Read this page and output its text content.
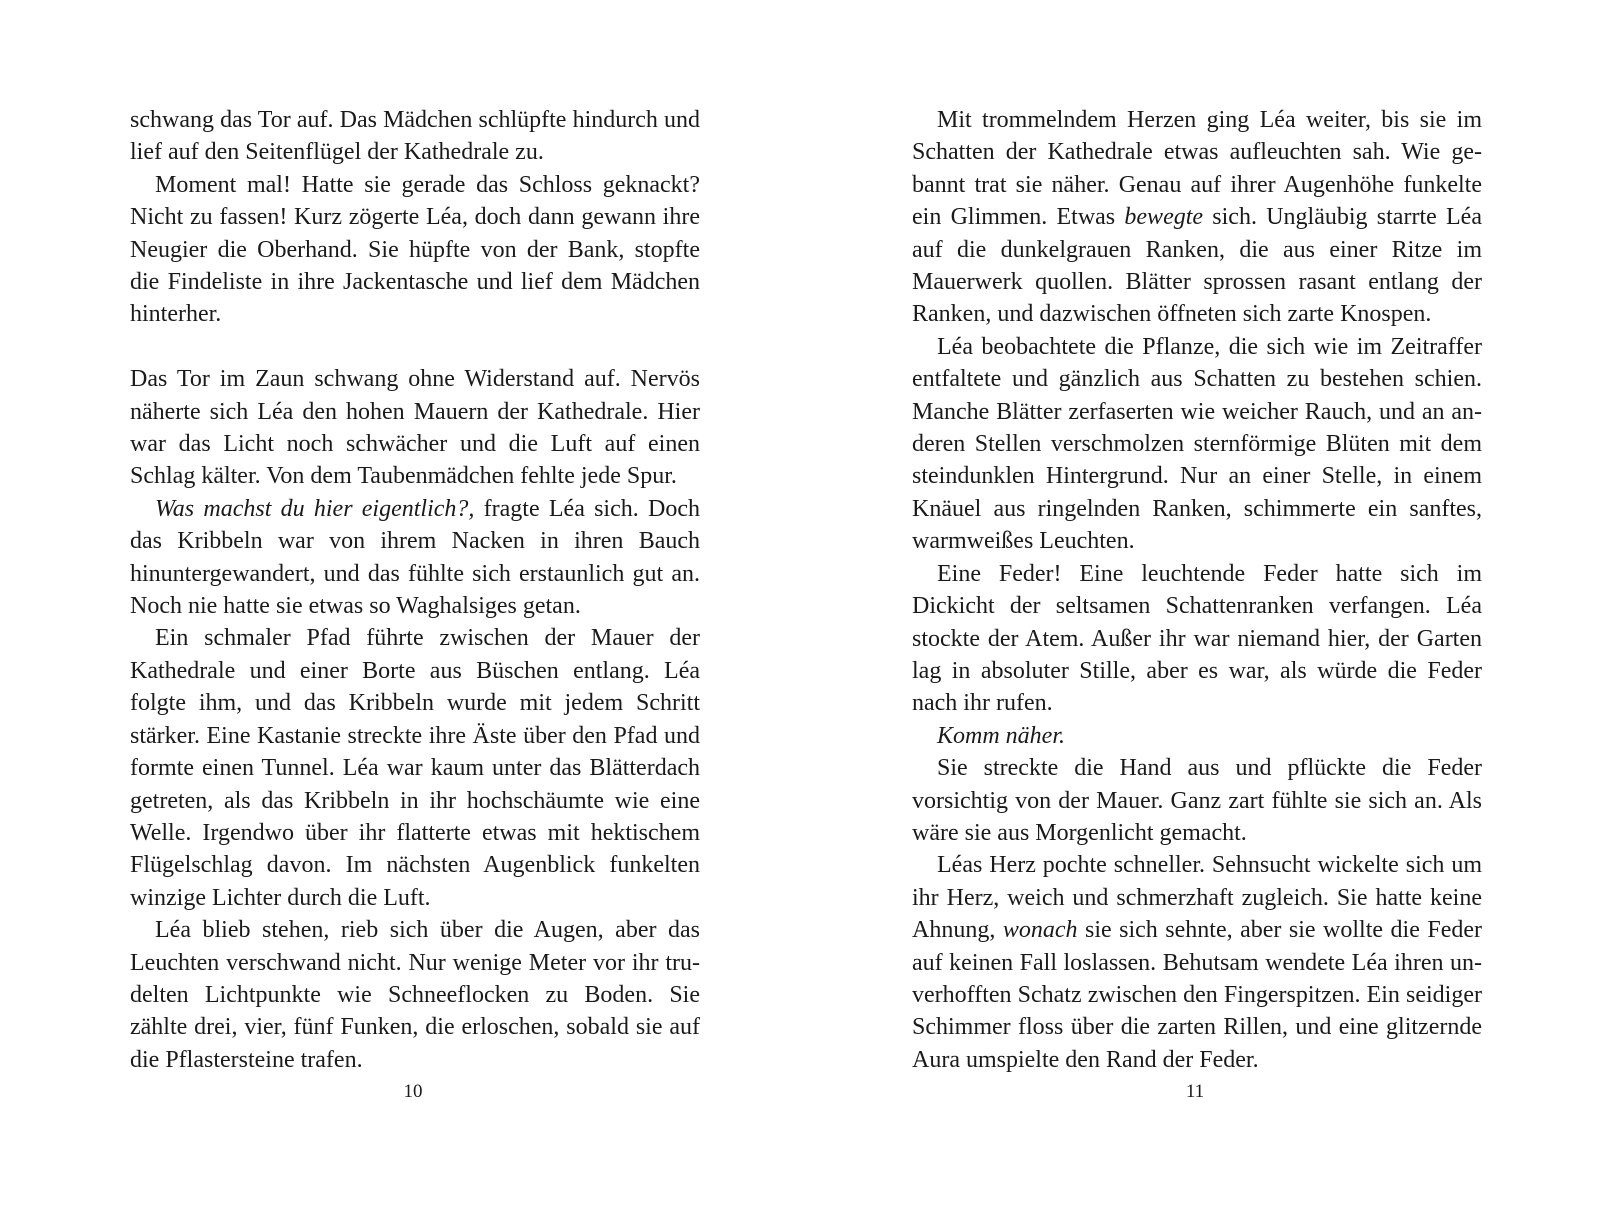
schwang das Tor auf. Das Mädchen schlüpfte hindurch und lief auf den Seitenflügel der Kathedrale zu.

Moment mal! Hatte sie gerade das Schloss geknackt? Nicht zu fassen! Kurz zögerte Léa, doch dann gewann ihre Neugier die Oberhand. Sie hüpfte von der Bank, stopfte die Findeliste in ihre Jackentasche und lief dem Mädchen hinterher.

Das Tor im Zaun schwang ohne Widerstand auf. Nervös näherte sich Léa den hohen Mauern der Kathedrale. Hier war das Licht noch schwächer und die Luft auf einen Schlag kälter. Von dem Taubenmädchen fehlte jede Spur.

Was machst du hier eigentlich?, fragte Léa sich. Doch das Kribbeln war von ihrem Nacken in ihren Bauch hinuntergewandert, und das fühlte sich erstaunlich gut an. Noch nie hatte sie etwas so Waghalsiges getan.

Ein schmaler Pfad führte zwischen der Mauer der Kathedrale und einer Borte aus Büschen entlang. Léa folgte ihm, und das Kribbeln wurde mit jedem Schritt stärker. Eine Kastanie streckte ihre Äste über den Pfad und formte einen Tunnel. Léa war kaum unter das Blätterdach getreten, als das Kribbeln in ihr hochschäumte wie eine Welle. Irgendwo über ihr flatterte etwas mit hektischem Flügelschlag davon. Im nächsten Augenblick funkelten winzige Lichter durch die Luft.

Léa blieb stehen, rieb sich über die Augen, aber das Leuchten verschwand nicht. Nur wenige Meter vor ihr trudelten Lichtpunkte wie Schneeflocken zu Boden. Sie zählte drei, vier, fünf Funken, die erloschen, sobald sie auf die Pflastersteine trafen.

10

Mit trommelndem Herzen ging Léa weiter, bis sie im Schatten der Kathedrale etwas aufleuchten sah. Wie gebannt trat sie näher. Genau auf ihrer Augenhöhe funkelte ein Glimmen. Etwas bewegte sich. Ungläubig starrte Léa auf die dunkelgrauen Ranken, die aus einer Ritze im Mauerwerk quollen. Blätter sprossen rasant entlang der Ranken, und dazwischen öffneten sich zarte Knospen.

Léa beobachtete die Pflanze, die sich wie im Zeitraffer entfaltete und gänzlich aus Schatten zu bestehen schien. Manche Blätter zerfaserten wie weicher Rauch, und an anderen Stellen verschmolzen sternförmige Blüten mit dem steindunklen Hintergrund. Nur an einer Stelle, in einem Knäuel aus ringelnden Ranken, schimmerte ein sanftes, warmweißes Leuchten.

Eine Feder! Eine leuchtende Feder hatte sich im Dickicht der seltsamen Schattenranken verfangen. Léa stockte der Atem. Außer ihr war niemand hier, der Garten lag in absoluter Stille, aber es war, als würde die Feder nach ihr rufen.

Komm näher.

Sie streckte die Hand aus und pflückte die Feder vorsichtig von der Mauer. Ganz zart fühlte sie sich an. Als wäre sie aus Morgenlicht gemacht.

Léas Herz pochte schneller. Sehnsucht wickelte sich um ihr Herz, weich und schmerzhaft zugleich. Sie hatte keine Ahnung, wonach sie sich sehnte, aber sie wollte die Feder auf keinen Fall loslassen. Behutsam wendete Léa ihren unverhofften Schatz zwischen den Fingerspitzen. Ein seidiger Schimmer floss über die zarten Rillen, und eine glitzernde Aura umspielte den Rand der Feder.

11
